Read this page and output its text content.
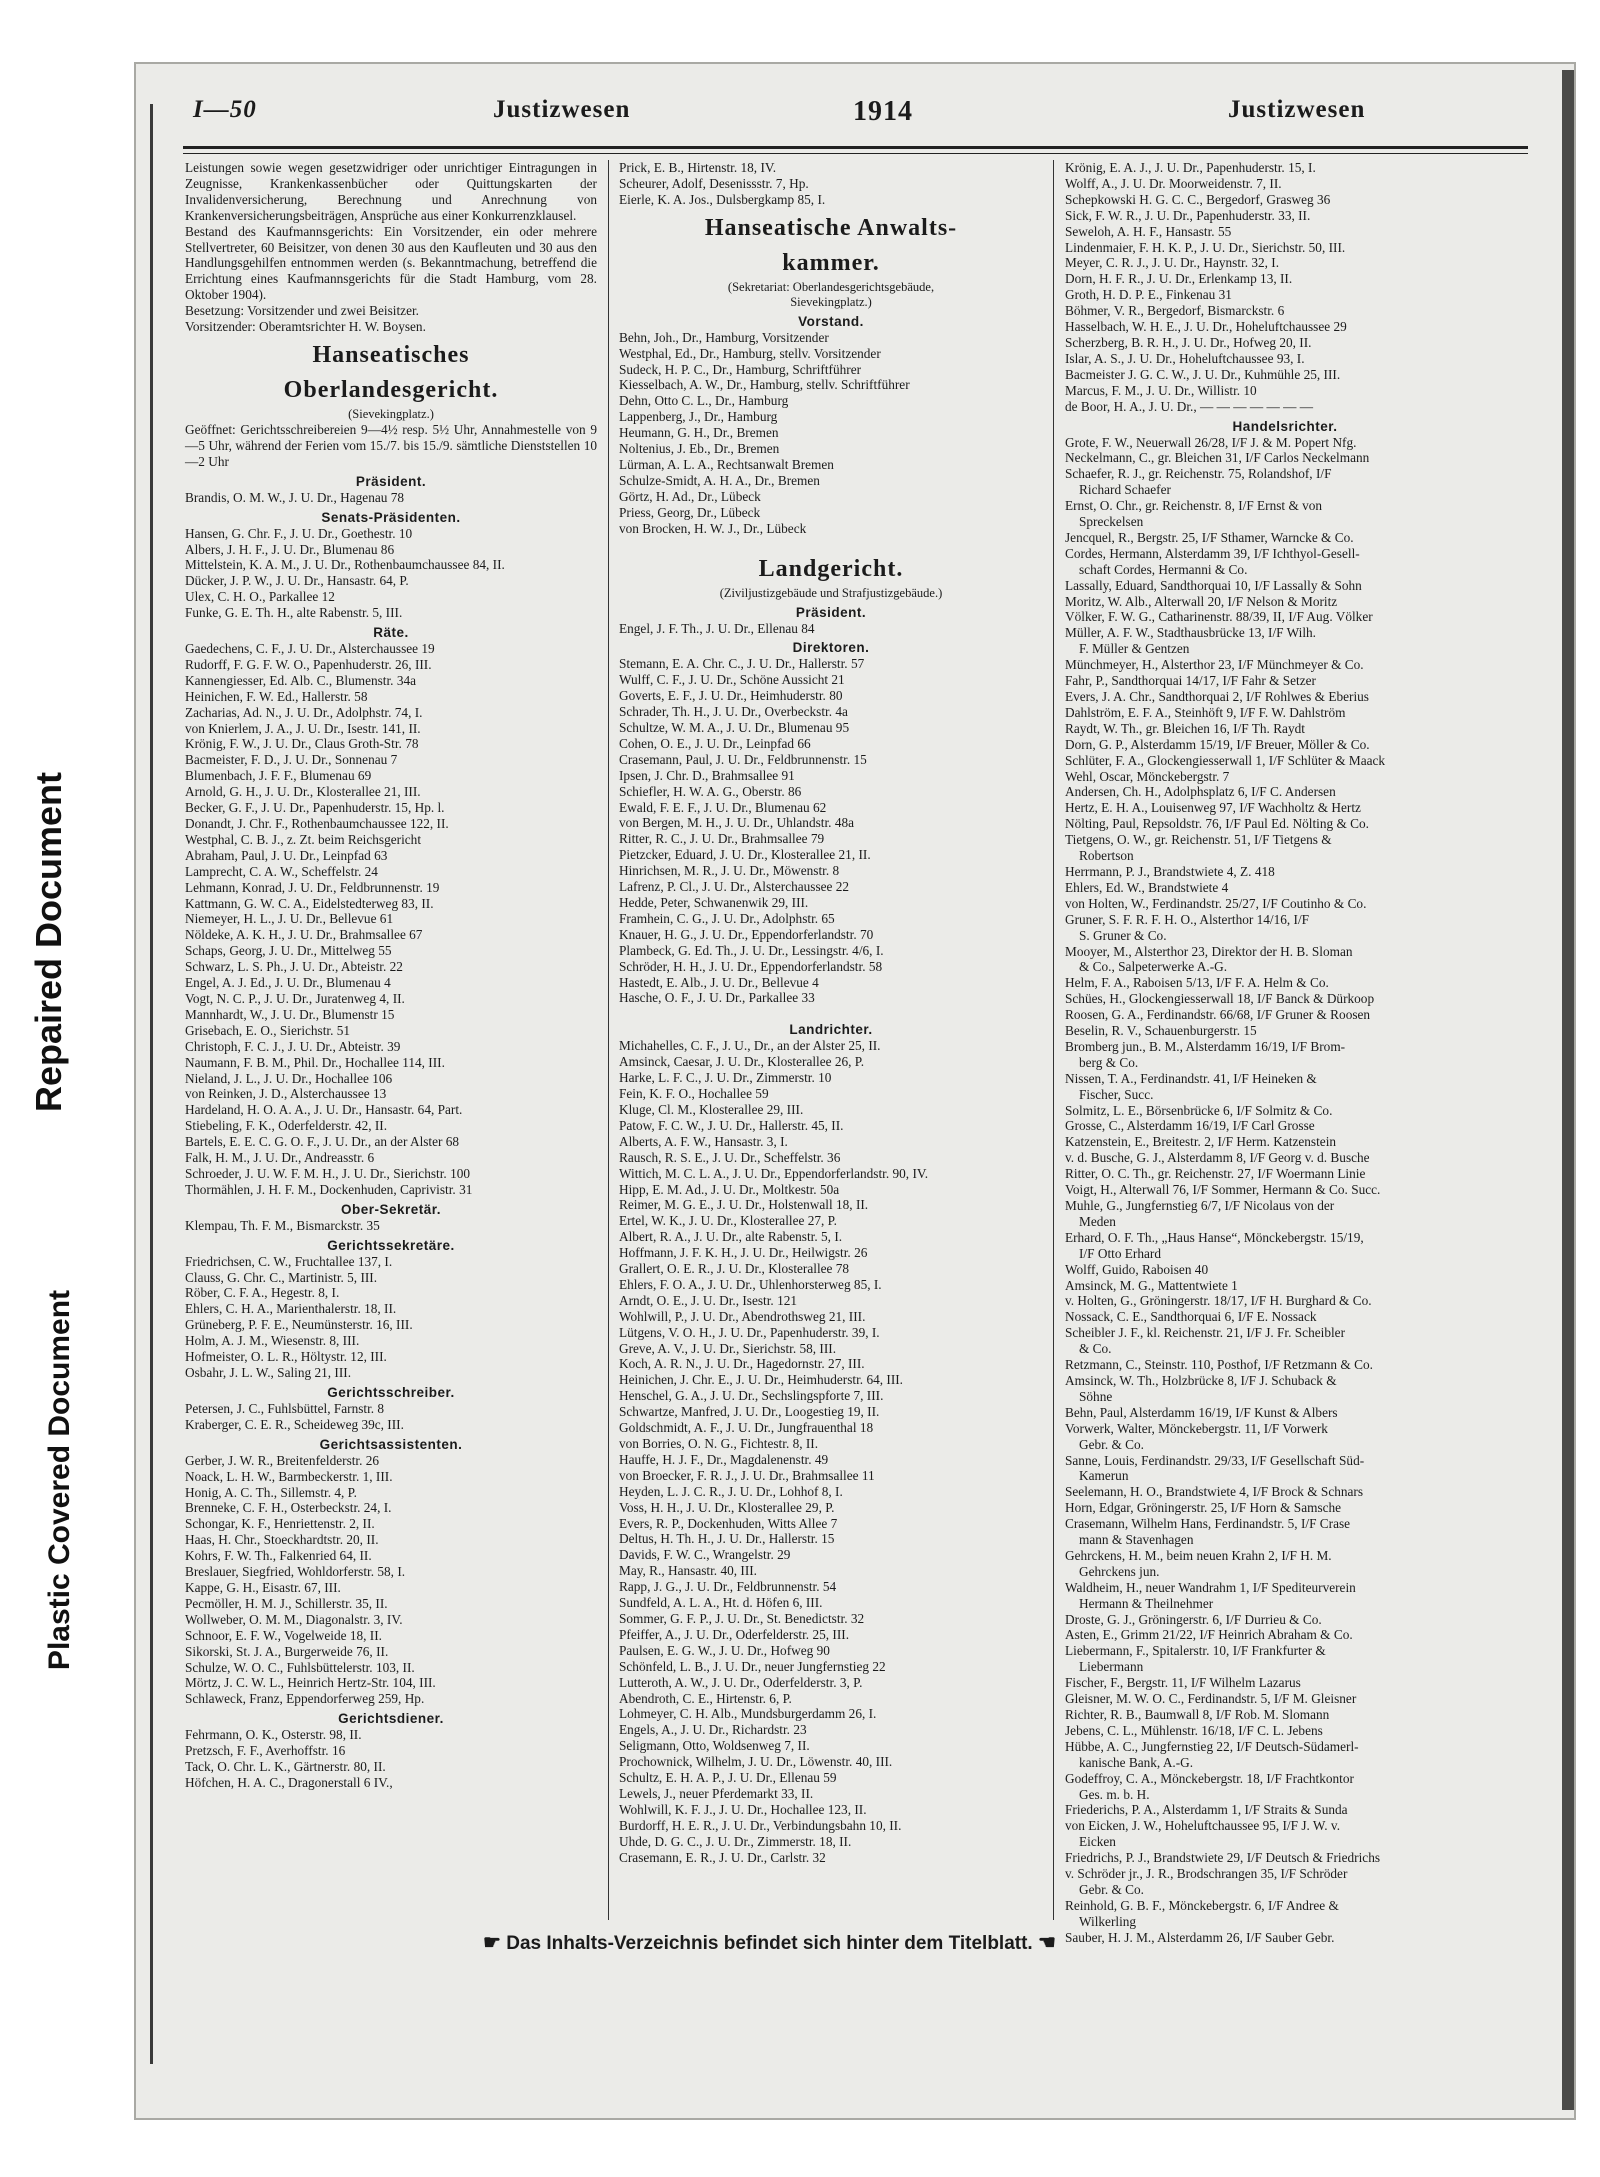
Repaired Document
Plastic Covered Document
I—50	Justizwesen	1914	Justizwesen
Leistungen sowie wegen gesetzwidriger oder unrichtiger Eintragungen in Zeugnisse, Krankenkassenbücher oder Quittungskarten der Invalidenversicherung, Berechnung und Anrechnung von Krankenversicherungsbeiträgen, Ansprüche aus einer Konkurrenzklausel.
Bestand des Kaufmannsgerichts: Ein Vorsitzender, ein oder mehrere Stellvertreter, 60 Beisitzer, von denen 30 aus den Kaufleuten und 30 aus den Handlungsgehilfen entnommen werden (s. Bekanntmachung, betreffend die Errichtung eines Kaufmannsgerichts für die Stadt Hamburg, vom 28. Oktober 1904).
Besetzung: Vorsitzender und zwei Beisitzer.
Vorsitzender: Oberamtsrichter H. W. Boysen.
Hanseatisches
Oberlandesgericht.
(Sievekingplatz.)
Geöffnet: Gerichtsschreibereien 9—4½ resp. 5½ Uhr, Annahmestelle von 9—5 Uhr, während der Ferien vom 15./7. bis 15./9. sämtliche Dienststellen 10—2 Uhr
Präsident.
Brandis, O. M. W., J. U. Dr., Hagenau 78
Senats-Präsidenten.
Hansen, G. Chr. F., J. U. Dr., Goethestr. 10
Albers, J. H. F., J. U. Dr., Blumenau 86
Mittelstein, K. A. M., J. U. Dr., Rothenbaumchaussee 84, II.
Dücker, J. P. W., J. U. Dr., Hansastr. 64, P.
Ulex, C. H. O., Parkallee 12
Funke, G. E. Th. H., alte Rabenstr. 5, III.
Räte.
Gaedechens, C. F., J. U. Dr., Alsterchaussee 19
Rudorff, F. G. F. W. O., Papenhuderstr. 26, III.
Kannengiesser, Ed. Alb. C., Blumenstr. 34a
Heinichen, F. W. Ed., Hallerstr. 58
Zacharias, Ad. N., J. U. Dr., Adolphstr. 74, I.
von Knierlem, J. A., J. U. Dr., Isestr. 141, II.
Krönig, F. W., J. U. Dr., Claus Groth-Str. 78
Bacmeister, F. D., J. U. Dr., Sonnenau 7
Blumenbach, J. F. F., Blumenau 69
Arnold, G. H., J. U. Dr., Klosterallee 21, III.
Becker, G. F., J. U. Dr., Papenhuderstr. 15, Hp. l.
Donandt, J. Chr. F., Rothenbaumchaussee 122, II.
Westphal, C. B. J., z. Zt. beim Reichsgericht
Abraham, Paul, J. U. Dr., Leinpfad 63
Lamprecht, C. A. W., Scheffelstr. 24
Lehmann, Konrad, J. U. Dr., Feldbrunnenstr. 19
Kattmann, G. W. C. A., Eidelstedterweg 83, II.
Niemeyer, H. L., J. U. Dr., Bellevue 61
Nöldeke, A. K. H., J. U. Dr., Brahmsallee 67
Schaps, Georg, J. U. Dr., Mittelweg 55
Schwarz, L. S. Ph., J. U. Dr., Abteistr. 22
Engel, A. J. Ed., J. U. Dr., Blumenau 4
Vogt, N. C. P., J. U. Dr., Juratenweg 4, II.
Mannhardt, W., J. U. Dr., Blumenstr 15
Grisebach, E. O., Sierichstr. 51
Christoph, F. C. J., J. U. Dr., Abteistr. 39
Naumann, F. B. M., Phil. Dr., Hochallee 114, III.
Nieland, J. L., J. U. Dr., Hochallee 106
von Reinken, J. D., Alsterchaussee 13
Hardeland, H. O. A. A., J. U. Dr., Hansastr. 64, Part.
Stiebeling, F. K., Oderfelderstr. 42, II.
Bartels, E. E. C. G. O. F., J. U. Dr., an der Alster 68
Falk, H. M., J. U. Dr., Andreasstr. 6
Schroeder, J. U. W. F. M. H., J. U. Dr., Sierichstr. 100
Thormählen, J. H. F. M., Dockenhuden, Caprivistr. 31
Ober-Sekretär.
Klempau, Th. F. M., Bismarckstr. 35
Gerichtssekretäre.
Friedrichsen, C. W., Fruchtallee 137, I.
Clauss, G. Chr. C., Martinistr. 5, III.
Röber, C. F. A., Hegestr. 8, I.
Ehlers, C. H. A., Marienthalerstr. 18, II.
Grüneberg, P. F. E., Neumünsterstr. 16, III.
Holm, A. J. M., Wiesenstr. 8, III.
Hofmeister, O. L. R., Höltystr. 12, III.
Osbahr, J. L. W., Saling 21, III.
Gerichtsschreiber.
Petersen, J. C., Fuhlsbüttel, Farnstr. 8
Kraberger, C. E. R., Scheideweg 39c, III.
Gerichtsassistenten.
Gerber, J. W. R., Breitenfelderstr. 26
Noack, L. H. W., Barmbeckerstr. 1, III.
Honig, A. C. Th., Sillemstr. 4, P.
Brenneke, C. F. H., Osterbeckstr. 24, I.
Schongar, K. F., Henriettenstr. 2, II.
Haas, H. Chr., Stoeckhardtstr. 20, II.
Kohrs, F. W. Th., Falkenried 64, II.
Breslauer, Siegfried, Wohldorferstr. 58, I.
Kappe, G. H., Eisastr. 67, III.
Pecmöller, H. M. J., Schillerstr. 35, II.
Wollweber, O. M. M., Diagonalstr. 3, IV.
Schnoor, E. F. W., Vogelweide 18, II.
Sikorski, St. J. A., Burgerweide 76, II.
Schulze, W. O. C., Fuhlsbüttelerstr. 103, II.
Mörtz, J. C. W. L., Heinrich Hertz-Str. 104, III.
Schlaweck, Franz, Eppendorferweg 259, Hp.
Gerichtsdiener.
Fehrmann, O. K., Osterstr. 98, II.
Pretzsch, F. F., Averhoffstr. 16
Tack, O. Chr. L. K., Gärtnerstr. 80, II.
Höfchen, H. A. C., Dragonerstall 6 IV.,
Prick, E. B., Hirtenstr. 18, IV.
Scheurer, Adolf, Desenissstr. 7, Hp.
Eierle, K. A. Jos., Dulsbergkamp 85, I.
Hanseatische Anwalts-
kammer.
(Sekretariat: Oberlandesgerichtsgebäude,
Sievekingplatz.)
Vorstand.
Behn, Joh., Dr., Hamburg, Vorsitzender
Westphal, Ed., Dr., Hamburg, stellv. Vorsitzender
Sudeck, H. P. C., Dr., Hamburg, Schriftführer
Kiesselbach, A. W., Dr., Hamburg, stellv. Schriftführer
Dehn, Otto C. L., Dr., Hamburg
Lappenberg, J., Dr., Hamburg
Heumann, G. H., Dr., Bremen
Noltenius, J. Eb., Dr., Bremen
Lürman, A. L. A., Rechtsanwalt Bremen
Schulze-Smidt, A. H. A., Dr., Bremen
Görtz, H. Ad., Dr., Lübeck
Priess, Georg, Dr., Lübeck
von Brocken, H. W. J., Dr., Lübeck
Landgericht.
(Ziviljustizgebäude und Strafjustizgebäude.)
Präsident.
Engel, J. F. Th., J. U. Dr., Ellenau 84
Direktoren.
Stemann, E. A. Chr. C., J. U. Dr., Hallerstr. 57
Wulff, C. F., J. U. Dr., Schöne Aussicht 21
Goverts, E. F., J. U. Dr., Heimhuderstr. 80
Schrader, Th. H., J. U. Dr., Overbeckstr. 4a
Schultze, W. M. A., J. U. Dr., Blumenau 95
Cohen, O. E., J. U. Dr., Leinpfad 66
Crasemann, Paul, J. U. Dr., Feldbrunnenstr. 15
Ipsen, J. Chr. D., Brahmsallee 91
Schiefler, H. W. A. G., Oberstr. 86
Ewald, F. E. F., J. U. Dr., Blumenau 62
von Bergen, M. H., J. U. Dr., Uhlandstr. 48a
Ritter, R. C., J. U. Dr., Brahmsallee 79
Pietzcker, Eduard, J. U. Dr., Klosterallee 21, II.
Hinrichsen, M. R., J. U. Dr., Möwenstr. 8
Lafrenz, P. Cl., J. U. Dr., Alsterchaussee 22
Hedde, Peter, Schwanenwik 29, III.
Framhein, C. G., J. U. Dr., Adolphstr. 65
Knauer, H. G., J. U. Dr., Eppendorferlandstr. 70
Plambeck, G. Ed. Th., J. U. Dr., Lessingstr. 4/6, I.
Schröder, H. H., J. U. Dr., Eppendorferlandstr. 58
Hastedt, E. Alb., J. U. Dr., Bellevue 4
Hasche, O. F., J. U. Dr., Parkallee 33
Landrichter.
Michahelles, C. F., J. U., Dr., an der Alster 25, II.
Amsinck, Caesar, J. U. Dr., Klosterallee 26, P.
Harke, L. F. C., J. U. Dr., Zimmerstr. 10
Fein, K. F. O., Hochallee 59
Kluge, Cl. M., Klosterallee 29, III.
Patow, F. C. W., J. U. Dr., Hallerstr. 45, II.
Alberts, A. F. W., Hansastr. 3, I.
Rausch, R. S. E., J. U. Dr., Scheffelstr. 36
Wittich, M. C. L. A., J. U. Dr., Eppendorferlandstr. 90, IV.
Hipp, E. M. Ad., J. U. Dr., Moltkestr. 50a
Reimer, M. G. E., J. U. Dr., Holstenwall 18, II.
Ertel, W. K., J. U. Dr., Klosterallee 27, P.
Albert, R. A., J. U. Dr., alte Rabenstr. 5, I.
Hoffmann, J. F. K. H., J. U. Dr., Heilwigstr. 26
Grallert, O. E. R., J. U. Dr., Klosterallee 78
Ehlers, F. O. A., J. U. Dr., Uhlenhorsterweg 85, I.
Arndt, O. E., J. U. Dr., Isestr. 121
Wohlwill, P., J. U. Dr., Abendrothsweg 21, III.
Lütgens, V. O. H., J. U. Dr., Papenhuderstr. 39, I.
Greve, A. V., J. U. Dr., Sierichstr. 58, III.
Koch, A. R. N., J. U. Dr., Hagedornstr. 27, III.
Heinichen, J. Chr. E., J. U. Dr., Heimhuderstr. 64, III.
Henschel, G. A., J. U. Dr., Sechslingspforte 7, III.
Schwartze, Manfred, J. U. Dr., Loogestieg 19, II.
Goldschmidt, A. F., J. U. Dr., Jungfrauenthal 18
von Borries, O. N. G., Fichtestr. 8, II.
Hauffe, H. J. F., Dr., Magdalenenstr. 49
von Broecker, F. R. J., J. U. Dr., Brahmsallee 11
Heyden, L. J. C. R., J. U. Dr., Lohhof 8, I.
Voss, H. H., J. U. Dr., Klosterallee 29, P.
Evers, R. P., Dockenhuden, Witts Allee 7
Deltus, H. Th. H., J. U. Dr., Hallerstr. 15
Davids, F. W. C., Wrangelstr. 29
May, R., Hansastr. 40, III.
Rapp, J. G., J. U. Dr., Feldbrunnenstr. 54
Sundfeld, A. L. A., Ht. d. Höfen 6, III.
Sommer, G. F. P., J. U. Dr., St. Benedictstr. 32
Pfeiffer, A., J. U. Dr., Oderfelderstr. 25, III.
Paulsen, E. G. W., J. U. Dr., Hofweg 90
Schönfeld, L. B., J. U. Dr., neuer Jungfernstieg 22
Lutteroth, A. W., J. U. Dr., Oderfelderstr. 3, P.
Abendroth, C. E., Hirtenstr. 6, P.
Lohmeyer, C. H. Alb., Mundsburgerdamm 26, I.
Engels, A., J. U. Dr., Richardstr. 23
Seligmann, Otto, Woldsenweg 7, II.
Prochownick, Wilhelm, J. U. Dr., Löwenstr. 40, III.
Schultz, E. H. A. P., J. U. Dr., Ellenau 59
Lewels, J., neuer Pferdemarkt 33, II.
Wohlwill, K. F. J., J. U. Dr., Hochallee 123, II.
Burdorff, H. E. R., J. U. Dr., Verbindungsbahn 10, II.
Uhde, D. G. C., J. U. Dr., Zimmerstr. 18, II.
Crasemann, E. R., J. U. Dr., Carlstr. 32
Krönig, E. A. J., J. U. Dr., Papenhuderstr. 15, I.
Wolff, A., J. U. Dr. Moorweidenstr. 7, II.
Schepkowski H. G. C. C., Bergedorf, Grasweg 36
Sick, F. W. R., J. U. Dr., Papenhuderstr. 33, II.
Seweloh, A. H. F., Hansastr. 55
Lindenmaier, F. H. K. P., J. U. Dr., Sierichstr. 50, III.
Meyer, C. R. J., J. U. Dr., Haynstr. 32, I.
Dorn, H. F. R., J. U. Dr., Erlenkamp 13, II.
Groth, H. D. P. E., Finkenau 31
Böhmer, V. R., Bergedorf, Bismarckstr. 6
Hasselbach, W. H. E., J. U. Dr., Hoheluftchaussee 29
Scherzberg, B. R. H., J. U. Dr., Hofweg 20, II.
Islar, A. S., J. U. Dr., Hoheluftchaussee 93, I.
Bacmeister J. G. C. W., J. U. Dr., Kuhmühle 25, III.
Marcus, F. M., J. U. Dr., Willistr. 10
de Boor, H. A., J. U. Dr., — — — — — — —
Handelsrichter.
Grote, F. W., Neuerwall 26/28, I/F J. & M. Popert Nfg.
Neckelmann, C., gr. Bleichen 31, I/F Carlos Neckelmann
Schaefer, R. J., gr. Reichenstr. 75, Rolandshof, I/F
Richard Schaefer
Ernst, O. Chr., gr. Reichenstr. 8, I/F Ernst & von
Spreckelsen
Jencquel, R., Bergstr. 25, I/F Sthamer, Warncke & Co.
Cordes, Hermann, Alsterdamm 39, I/F Ichthyol-Gesell-
schaft Cordes, Hermanni & Co.
Lassally, Eduard, Sandthorquai 10, I/F Lassally & Sohn
Moritz, W. Alb., Alterwall 20, I/F Nelson & Moritz
Völker, F. W. G., Catharinenstr. 88/39, II, I/F Aug. Völker
Müller, A. F. W., Stadthausbrücke 13, I/F Wilh.
F. Müller & Gentzen
Münchmeyer, H., Alsterthor 23, I/F Münchmeyer & Co.
Fahr, P., Sandthorquai 14/17, I/F Fahr & Setzer
Evers, J. A. Chr., Sandthorquai 2, I/F Rohlwes & Eberius
Dahlström, E. F. A., Steinhöft 9, I/F F. W. Dahlström
Raydt, W. Th., gr. Bleichen 16, I/F Th. Raydt
Dorn, G. P., Alsterdamm 15/19, I/F Breuer, Möller & Co.
Schlüter, F. A., Glockengiesserwall 1, I/F Schlüter & Maack
Wehl, Oscar, Mönckebergstr. 7
Andersen, Ch. H., Adolphsplatz 6, I/F C. Andersen
Hertz, E. H. A., Louisenweg 97, I/F Wachholtz & Hertz
Nölting, Paul, Repsoldstr. 76, I/F Paul Ed. Nölting & Co.
Tietgens, O. W., gr. Reichenstr. 51, I/F Tietgens &
Robertson
Herrmann, P. J., Brandstwiete 4, Z. 418
Ehlers, Ed. W., Brandstwiete 4
von Holten, W., Ferdinandstr. 25/27, I/F Coutinho & Co.
Gruner, S. F. R. F. H. O., Alsterthor 14/16, I/F
S. Gruner & Co.
Mooyer, M., Alsterthor 23, Direktor der H. B. Sloman
& Co., Salpeterwerke A.-G.
Helm, F. A., Raboisen 5/13, I/F F. A. Helm & Co.
Schües, H., Glockengiesserwall 18, I/F Banck & Dürkoop
Roosen, G. A., Ferdinandstr. 66/68, I/F Gruner & Roosen
Beselin, R. V., Schauenburgerstr. 15
Bromberg jun., B. M., Alsterdamm 16/19, I/F Brom-
berg & Co.
Nissen, T. A., Ferdinandstr. 41, I/F Heineken &
Fischer, Succ.
Solmitz, L. E., Börsenbrücke 6, I/F Solmitz & Co.
Grosse, C., Alsterdamm 16/19, I/F Carl Grosse
Katzenstein, E., Breitestr. 2, I/F Herm. Katzenstein
v. d. Busche, G. J., Alsterdamm 8, I/F Georg v. d. Busche
Ritter, O. C. Th., gr. Reichenstr. 27, I/F Woermann Linie
Voigt, H., Alterwall 76, I/F Sommer, Hermann & Co. Succ.
Muhle, G., Jungfernstieg 6/7, I/F Nicolaus von der
Meden
Erhard, O. F. Th., „Haus Hanse“, Mönckebergstr. 15/19,
I/F Otto Erhard
Wolff, Guido, Raboisen 40
Amsinck, M. G., Mattentwiete 1
v. Holten, G., Gröningerstr. 18/17, I/F H. Burghard & Co.
Nossack, C. E., Sandthorquai 6, I/F E. Nossack
Scheibler J. F., kl. Reichenstr. 21, I/F J. Fr. Scheibler
& Co.
Retzmann, C., Steinstr. 110, Posthof, I/F Retzmann & Co.
Amsinck, W. Th., Holzbrücke 8, I/F J. Schuback &
Söhne
Behn, Paul, Alsterdamm 16/19, I/F Kunst & Albers
Vorwerk, Walter, Mönckebergstr. 11, I/F Vorwerk
Gebr. & Co.
Sanne, Louis, Ferdinandstr. 29/33, I/F Gesellschaft Süd-
Kamerun
Seelemann, H. O., Brandstwiete 4, I/F Brock & Schnars
Horn, Edgar, Gröningerstr. 25, I/F Horn & Samsche
Crasemann, Wilhelm Hans, Ferdinandstr. 5, I/F Crase
mann & Stavenhagen
Gehrckens, H. M., beim neuen Krahn 2, I/F H. M.
Gehrckens jun.
Waldheim, H., neuer Wandrahm 1, I/F Spediteurverein
Hermann & Theilnehmer
Droste, G. J., Gröningerstr. 6, I/F Durrieu & Co.
Asten, E., Grimm 21/22, I/F Heinrich Abraham & Co.
Liebermann, F., Spitalerstr. 10, I/F Frankfurter &
Liebermann
Fischer, F., Bergstr. 11, I/F Wilhelm Lazarus
Gleisner, M. W. O. C., Ferdinandstr. 5, I/F M. Gleisner
Richter, R. B., Baumwall 8, I/F Rob. M. Slomann
Jebens, C. L., Mühlenstr. 16/18, I/F C. L. Jebens
Hübbe, A. C., Jungfernstieg 22, I/F Deutsch-Südamerl-
kanische Bank, A.-G.
Godeffroy, C. A., Mönckebergstr. 18, I/F Frachtkontor
Ges. m. b. H.
Friederichs, P. A., Alsterdamm 1, I/F Straits & Sunda
von Eicken, J. W., Hoheluftchaussee 95, I/F J. W. v.
Eicken
Friedrichs, P. J., Brandstwiete 29, I/F Deutsch & Friedrichs
v. Schröder jr., J. R., Brodschrangen 35, I/F Schröder
Gebr. & Co.
Reinhold, G. B. F., Mönckebergstr. 6, I/F Andree &
Wilkerling
Sauber, H. J. M., Alsterdamm 26, I/F Sauber Gebr.
☛ Das Inhalts-Verzeichnis befindet sich hinter dem Titelblatt. ☚
